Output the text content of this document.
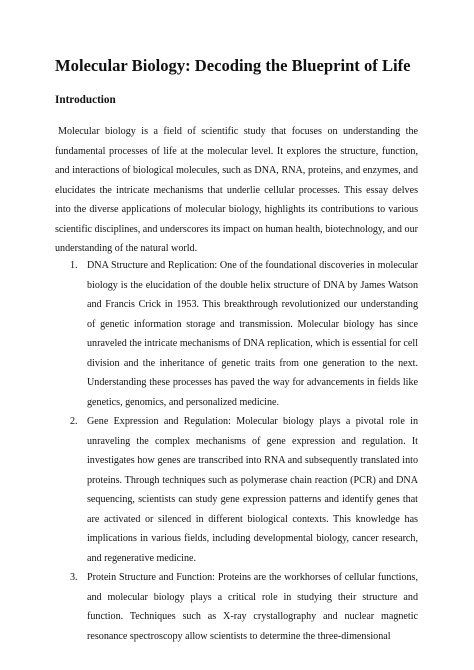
Molecular Biology: Decoding the Blueprint of Life
Introduction

Molecular biology is a field of scientific study that focuses on understanding the fundamental processes of life at the molecular level. It explores the structure, function, and interactions of biological molecules, such as DNA, RNA, proteins, and enzymes, and elucidates the intricate mechanisms that underlie cellular processes. This essay delves into the diverse applications of molecular biology, highlights its contributions to various scientific disciplines, and underscores its impact on human health, biotechnology, and our understanding of the natural world.

1. DNA Structure and Replication: One of the foundational discoveries in molecular biology is the elucidation of the double helix structure of DNA by James Watson and Francis Crick in 1953. This breakthrough revolutionized our understanding of genetic information storage and transmission. Molecular biology has since unraveled the intricate mechanisms of DNA replication, which is essential for cell division and the inheritance of genetic traits from one generation to the next. Understanding these processes has paved the way for advancements in fields like genetics, genomics, and personalized medicine.
2. Gene Expression and Regulation: Molecular biology plays a pivotal role in unraveling the complex mechanisms of gene expression and regulation. It investigates how genes are transcribed into RNA and subsequently translated into proteins. Through techniques such as polymerase chain reaction (PCR) and DNA sequencing, scientists can study gene expression patterns and identify genes that are activated or silenced in different biological contexts. This knowledge has implications in various fields, including developmental biology, cancer research, and regenerative medicine.
3. Protein Structure and Function: Proteins are the workhorses of cellular functions, and molecular biology plays a critical role in studying their structure and function. Techniques such as X-ray crystallography and nuclear magnetic resonance spectroscopy allow scientists to determine the three-dimensional
